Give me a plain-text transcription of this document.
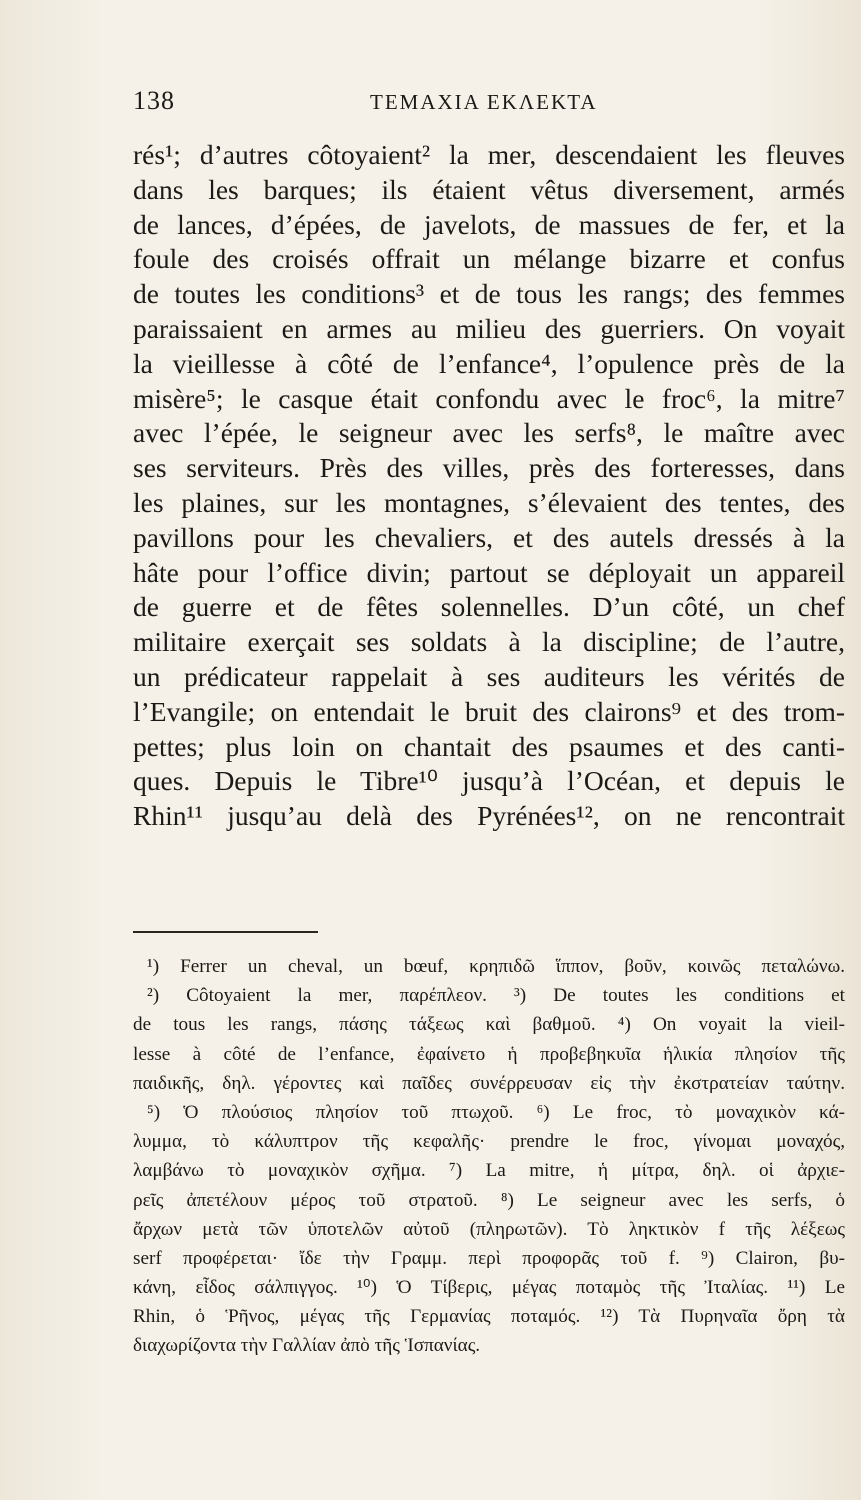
138	ΤΕΜΑΧΙΑ ΕΚΛΕΚΤΑ
rés¹; d’autres côtoyaient² la mer, descendaient les fleuves
dans les barques; ils étaient vêtus diversement, armés
de lances, d’épées, de javelots, de massues de fer, et la
foule des croisés offrait un mélange bizarre et confus
de toutes les conditions³ et de tous les rangs; des femmes
paraissaient en armes au milieu des guerriers. On voyait
la vieillesse à côté de l’enfance⁴, l’opulence près de la
misère⁵; le casque était confondu avec le froc⁶, la mitre⁷
avec l’épée, le seigneur avec les serfs⁸, le maître avec
ses serviteurs. Près des villes, près des forteresses, dans
les plaines, sur les montagnes, s’élevaient des tentes, des
pavillons pour les chevaliers, et des autels dressés à la
hâte pour l’office divin; partout se déployait un appareil
de guerre et de fêtes solennelles. D’un côté, un chef
militaire exerçait ses soldats à la discipline; de l’autre,
un prédicateur rappelait à ses auditeurs les vérités de
l’Evangile; on entendait le bruit des clairons⁹ et des trom-
pettes; plus loin on chantait des psaumes et des canti-
ques. Depuis le Tibre¹⁰ jusqu’à l’Océan, et depuis le
Rhin¹¹ jusqu’au delà des Pyrénées¹², on ne rencontrait
¹) Ferrer un cheval, un bœuf, κρηπιδῶ ἵππον, βοῦν, κοινῶς πεταλώνω.
²) Côtoyaient la mer, παρέπλεον. ³) De toutes les conditions et
de tous les rangs, πάσης τάξεως καὶ βαθμοῦ. ⁴) On voyait la vieil-
lesse à côté de l’enfance, ἐφαίνετο ἡ προβεβηκυῖα ἡλικία πλησίον τῆς
παιδικῆς, δηλ. γέροντες καὶ παῖδες συνέρρευσαν εἰς τὴν ἐκστρατείαν ταύτην.
⁵) Ὁ πλούσιος πλησίον τοῦ πτωχοῦ. ⁶) Le froc, τὸ μοναχικὸν κά-
λυμμα, τὸ κάλυπτρον τῆς κεφαλῆς· prendre le froc, γίνομαι μοναχός,
λαμβάνω τὸ μοναχικὸν σχῆμα. ⁷) La mitre, ἡ μίτρα, δηλ. οἱ ἀρχιε-
ρεῖς ἀπετέλουν μέρος τοῦ στρατοῦ. ⁸) Le seigneur avec les serfs, ὁ
ἄρχων μετὰ τῶν ὑποτελῶν αὐτοῦ (πληρωτῶν). Τὸ ληκτικὸν f τῆς λέξεως
serf προφέρεται· ἴδε τὴν Γραμμ. περὶ προφορᾶς τοῦ f. ⁹) Clairon, βυ-
κάνη, εἶδος σάλπιγγος. ¹⁰) Ὁ Τίβερις, μέγας ποταμὸς τῆς Ἰταλίας. ¹¹) Le
Rhin, ὁ Ῥῆνος, μέγας τῆς Γερμανίας ποταμός. ¹²) Τὰ Πυρηναῖα ὄρη τὰ
διαχωρίζοντα τὴν Γαλλίαν ἀπὸ τῆς Ἱσπανίας.
